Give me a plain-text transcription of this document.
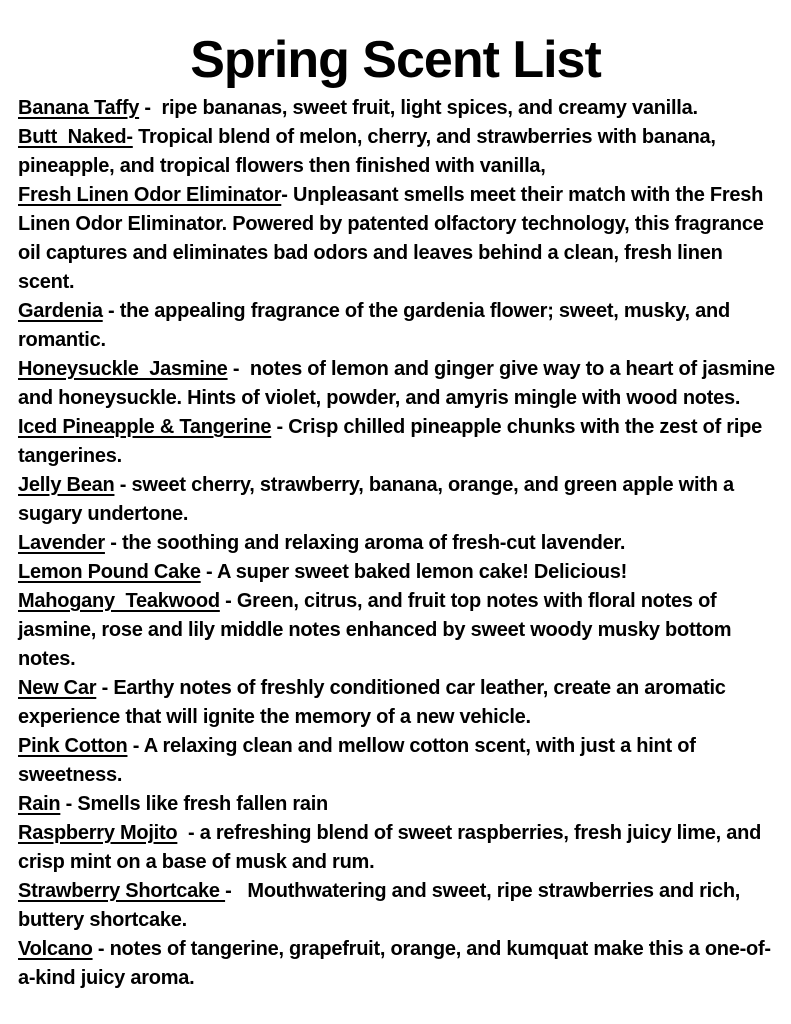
Spring Scent List

Banana Taffy -  ripe bananas, sweet fruit, light spices, and creamy vanilla.

Butt  Naked- Tropical blend of melon, cherry, and strawberries with banana, pineapple, and tropical flowers then finished with vanilla,

Fresh Linen Odor Eliminator- Unpleasant smells meet their match with the Fresh Linen Odor Eliminator. Powered by patented olfactory technology, this fragrance oil captures and eliminates bad odors and leaves behind a clean, fresh linen scent.

Gardenia - the appealing fragrance of the gardenia flower; sweet, musky, and romantic.

Honeysuckle  Jasmine -  notes of lemon and ginger give way to a heart of jasmine and honeysuckle. Hints of violet, powder, and amyris mingle with wood notes.

Iced Pineapple & Tangerine - Crisp chilled pineapple chunks with the zest of ripe tangerines.

Jelly Bean - sweet cherry, strawberry, banana, orange, and green apple with a sugary undertone.

Lavender - the soothing and relaxing aroma of fresh-cut lavender.

Lemon Pound Cake - A super sweet baked lemon cake! Delicious!

Mahogany  Teakwood - Green, citrus, and fruit top notes with floral notes of jasmine, rose and lily middle notes enhanced by sweet woody musky bottom notes.

New Car - Earthy notes of freshly conditioned car leather, create an aromatic experience that will ignite the memory of a new vehicle.

Pink Cotton - A relaxing clean and mellow cotton scent, with just a hint of sweetness.

Rain - Smells like fresh fallen rain

Raspberry Mojito  - a refreshing blend of sweet raspberries, fresh juicy lime, and crisp mint on a base of musk and rum.

Strawberry Shortcake -   Mouthwatering and sweet, ripe strawberries and rich, buttery shortcake.

Volcano - notes of tangerine, grapefruit, orange, and kumquat make this a one-of-a-kind juicy aroma.
